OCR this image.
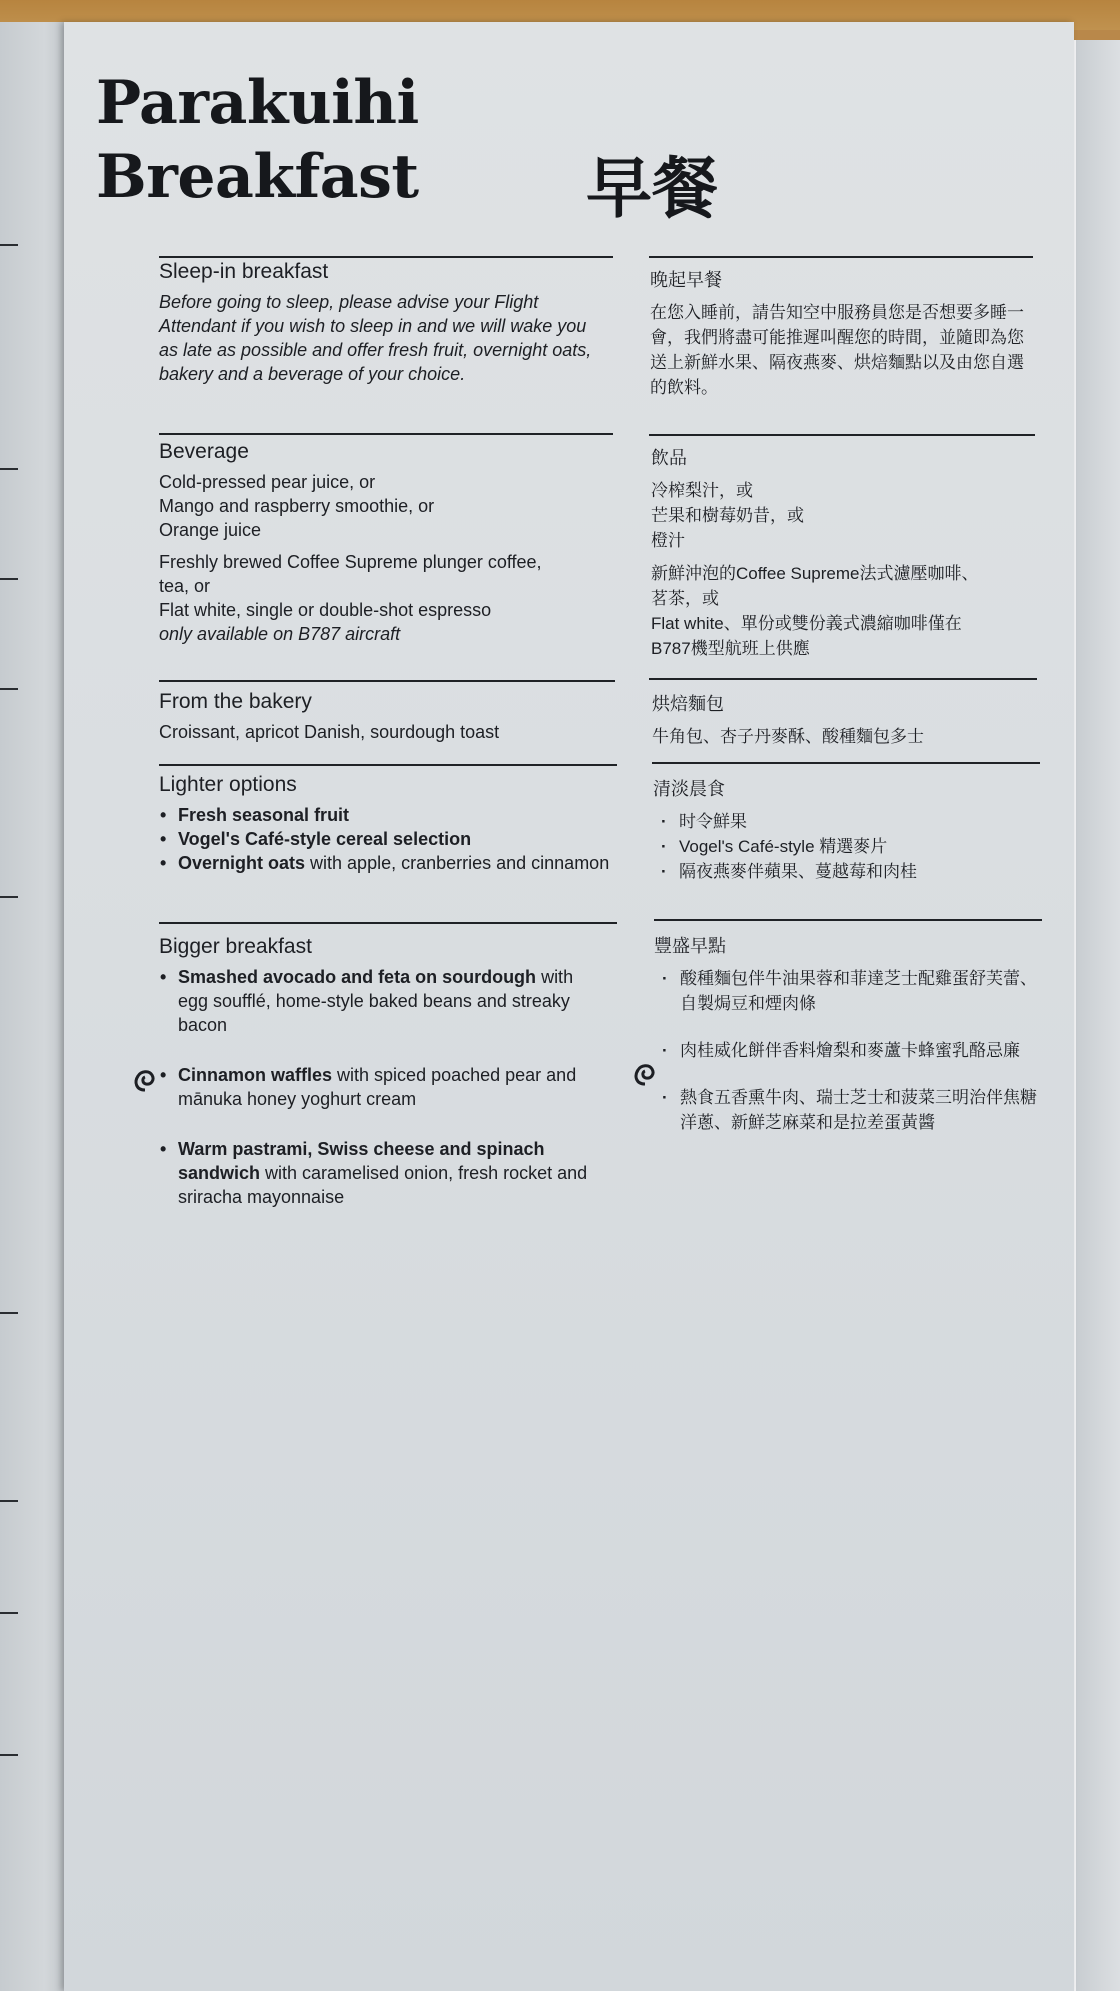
Parakuihi
Breakfast	早餐
Sleep-in breakfast
Before going to sleep, please advise your Flight Attendant if you wish to sleep in and we will wake you as late as possible and offer fresh fruit, overnight oats, bakery and a beverage of your choice.
晚起早餐
在您入睡前，請告知空中服務員您是否想要多睡一會，我們將盡可能推遲叫醒您的時間，並隨即為您送上新鮮水果、隔夜燕麥、烘焙麵點以及由您自選的飲料。
Beverage
Cold-pressed pear juice, or
Mango and raspberry smoothie, or
Orange juice
Freshly brewed Coffee Supreme plunger coffee,
tea, or
Flat white, single or double-shot espresso
only available on B787 aircraft
飲品
冷榨梨汁，或
芒果和樹莓奶昔，或
橙汁
新鮮沖泡的Coffee Supreme法式濾壓咖啡、
茗茶，或
Flat white、單份或雙份義式濃縮咖啡僅在
B787機型航班上供應
From the bakery
Croissant, apricot Danish, sourdough toast
烘焙麵包
牛角包、杏子丹麥酥、酸種麵包多士
Lighter options
• Fresh seasonal fruit
• Vogel's Café-style cereal selection
• Overnight oats with apple, cranberries and cinnamon
清淡晨食
· 时令鮮果
· Vogel's Café-style 精選麥片
· 隔夜燕麥伴蘋果、蔓越莓和肉桂
Bigger breakfast
• Smashed avocado and feta on sourdough with egg soufflé, home-style baked beans and streaky bacon
• Cinnamon waffles with spiced poached pear and mānuka honey yoghurt cream
• Warm pastrami, Swiss cheese and spinach sandwich with caramelised onion, fresh rocket and sriracha mayonnaise
豐盛早點
· 酸種麵包伴牛油果蓉和菲達芝士配雞蛋舒芙蕾、自製焗豆和煙肉條
· 肉桂威化餅伴香料燴梨和麥蘆卡蜂蜜乳酪忌廉
· 熱食五香熏牛肉、瑞士芝士和菠菜三明治伴焦糖洋蔥、新鮮芝麻菜和是拉差蛋黃醬
